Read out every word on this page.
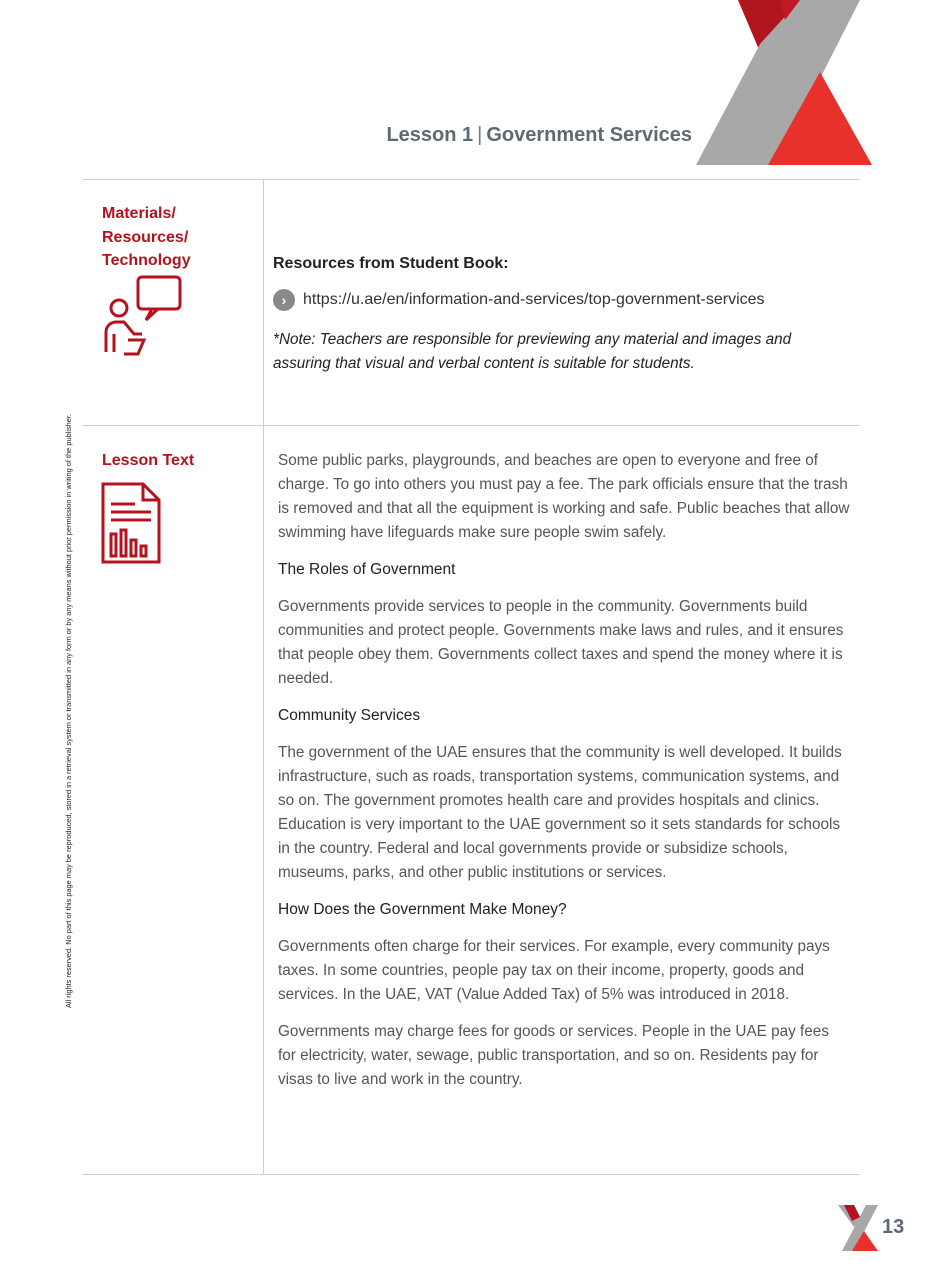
Lesson 1 | Government Services
All rights reserved. No part of this page may be reproduced, stored in a retrieval system or transmitted in any form or by any means without prior permission in writing of the publisher.
Materials/
Resources/
Technology	Resources from Student Book:
›	https://u.ae/en/information-and-services/top-government-services
*Note: Teachers are responsible for previewing any material and images and assuring that visual and verbal content is suitable for students.
Lesson Text	Some public parks, playgrounds, and beaches are open to everyone and free of charge. To go into others you must pay a fee. The park officials ensure that the trash is removed and that all the equipment is working and safe. Public beaches that allow swimming have lifeguards make sure people swim safely.

The Roles of Government

Governments provide services to people in the community. Governments build communities and protect people. Governments make laws and rules, and it ensures that people obey them. Governments collect taxes and spend the money where it is needed.

Community Services

The government of the UAE ensures that the community is well developed. It builds infrastructure, such as roads, transportation systems, communication systems, and so on. The government promotes health care and provides hospitals and clinics. Education is very important to the UAE government so it sets standards for schools in the country. Federal and local governments provide or subsidize schools, museums, parks, and other public institutions or services.

How Does the Government Make Money?

Governments often charge for their services. For example, every community pays taxes. In some countries, people pay tax on their income, property, goods and services. In the UAE, VAT (Value Added Tax) of 5% was introduced in 2018.

Governments may charge fees for goods or services. People in the UAE pay fees for electricity, water, sewage, public transportation, and so on. Residents pay for visas to live and work in the country.

13
